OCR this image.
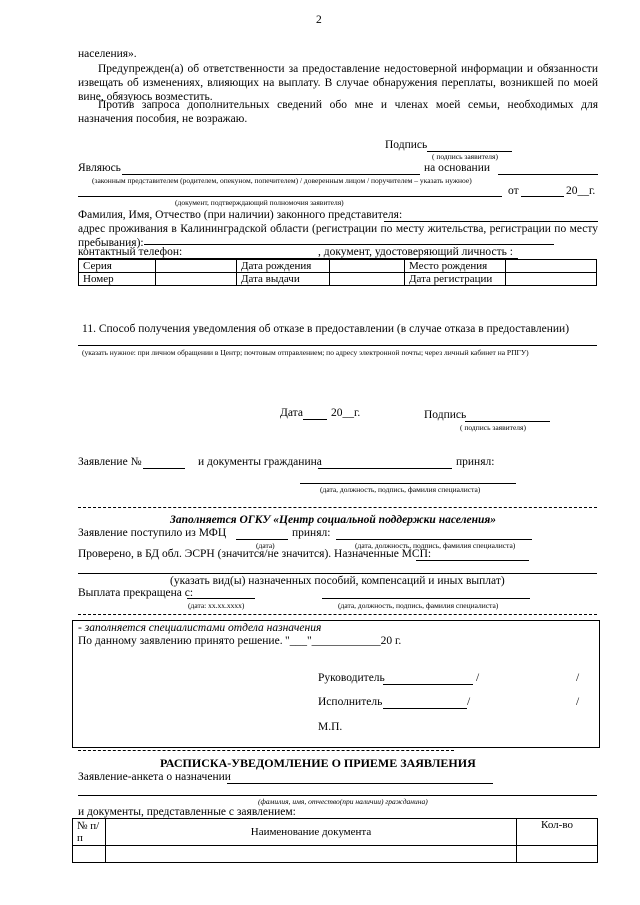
2
населения».
Предупрежден(а) об ответственности за предоставление недостоверной информации и обязанности извещать об изменениях, влияющих на выплату. В случае обнаружения переплаты, возникшей по моей вине, обязуюсь возместить.
Против запроса дополнительных сведений обо мне и членах моей семьи, необходимых для назначения пособия, не возражаю.
Подпись
( подпись заявителя)
Являюсь	на основании
(законным представителем (родителем, опекуном, попечителем) / доверенным лицом / поручителем – указать нужное)
от	20__г.
(документ, подтверждающий полномочия заявителя)
Фамилия, Имя, Отчество (при наличии) законного представителя:
адрес проживания в Калининградской области (регистрации по месту жительства, регистрации по месту пребывания):
контактный телефон:	, документ, удостоверяющий личность :
Серия		Дата рождения		Место рождения	
Номер		Дата выдачи		Дата регистрации	
11. Способ получения уведомления об отказе в предоставлении (в случае отказа в предоставлении)
(указать нужное: при личном обращении в Центр; почтовым отправлением; по адресу электронной почты; через личный кабинет на РПГУ)
Дата 20__г.	Подпись
( подпись заявителя)
Заявление №	и документы гражданина	принял:
(дата, должность, подпись, фамилия специалиста)
Заполняется ОГКУ «Центр социальной поддержки населения»
Заявление поступило из МФЦ	принял:
(дата)	(дата, должность, подпись, фамилия специалиста)
Проверено, в БД обл. ЭСРН (значится/не значится). Назначенные МСП:
(указать вид(ы) назначенных пособий, компенсаций и иных выплат)
Выплата прекращена с:
(дата: хх.хх.хххх)	(дата, должность, подпись, фамилия специалиста)
- заполняется специалистами отдела назначения
По данному заявлению принято решение. "___"____________20 г.
Руководитель	/	/
Исполнитель	/	/
М.П.
РАСПИСКА-УВЕДОМЛЕНИЕ О ПРИЕМЕ ЗАЯВЛЕНИЯ
Заявление-анкета о назначении
(фамилия, имя, отчество(при наличии) гражданина)
и документы, представленные с заявлением:
№ п/п	Наименование документа	Кол-во
